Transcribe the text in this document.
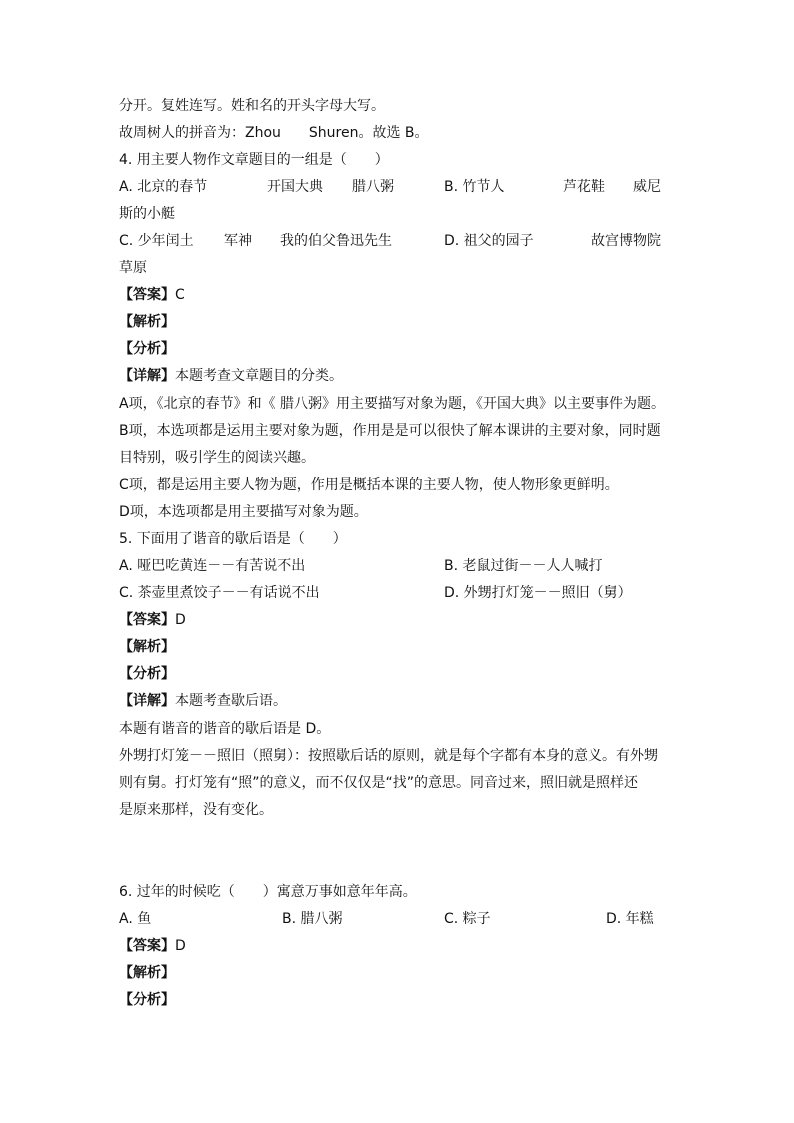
分开。复姓连写。姓和名的开头字母大写。
故周树人的拼音为：Zhou　　Shuren。故选 B。
4. 用主要人物作文章题目的一组是（　　）
A. 北京的春节	开国大典 腊八粥	B. 竹节人	芦花鞋 威尼
斯的小艇
C. 少年闰土 军神 我的伯父鲁迅先生	D. 祖父的园子	故宫博物院
草原
【答案】C
【解析】
【分析】
【详解】本题考查文章题目的分类。
A项，《北京的春节》和《 腊八粥》用主要描写对象为题，《开国大典》以主要事件为题。
B项，本选项都是运用主要对象为题，作用是是可以很快了解本课讲的主要对象，同时题
目特别，吸引学生的阅读兴趣。
C项，都是运用主要人物为题，作用是概括本课的主要人物，使人物形象更鲜明。
D项，本选项都是用主要描写对象为题。
5. 下面用了谐音的歇后语是（　　）
A. 哑巴吃黄连－－有苦说不出	B. 老鼠过街－－人人喊打
C. 茶壶里煮饺子－－有话说不出	D. 外甥打灯笼－－照旧（舅）
【答案】D
【解析】
【分析】
【详解】本题考查歇后语。
本题有谐音的谐音的歇后语是 D。
外甥打灯笼－－照旧（照舅）：按照歇后话的原则，就是每个字都有本身的意义。有外甥
则有舅。打灯笼有“照”的意义，而不仅仅是“找”的意思。同音过来，照旧就是照样还
是原来那样，没有变化。
6. 过年的时候吃（　　）寓意万事如意年年高。
A. 鱼	B. 腊八粥	C. 粽子	D. 年糕
【答案】D
【解析】
【分析】
